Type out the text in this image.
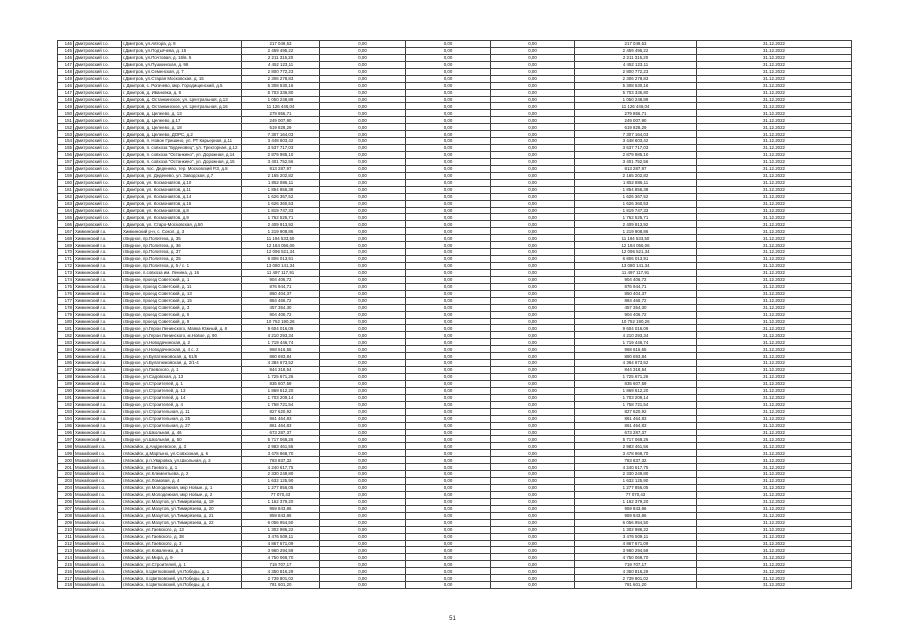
146	Дмитровский г.о.	г.Дмитров, ул.Автора, д. 8	217 049,53	0,00	0,00	0,00	217 049,53	31.12.2022
145	Дмитровский г.о.	г.Дмитров, ул.Подъячева, д. 15	2 459 495,22	0,00	0,00	0,00	2 459 495,22	31.12.2022
146	Дмитровский г.о.	г.Дмитров, ул.Почтовая, д. 18/в. 5	2 211 315,20	0,00	0,00	0,00	2 211 315,20	31.12.2022
147	Дмитровский г.о.	г.Дмитров, ул.Пушкинская, д. 98	4 452 123,11	0,00	0,00	0,00	4 452 123,11	31.12.2022
148	Дмитровский г.о.	г.Дмитров, ул.Семенская, д. 7	2 800 772,23	0,00	0,00	0,00	2 800 772,23	31.12.2022
149	Дмитровский г.о.	г.Дмитров, ул.Старая Московская, д. 15	2 306 278,83	0,00	0,00	0,00	2 306 278,83	31.12.2022
146	Дмитровский г.о.	г. Дмитров, с. Рогачево, мкр. Городищенский, д.5	5 308 530,16	0,00	0,00	0,00	5 308 530,16	31.12.2022
147	Дмитровский г.о.	г. Дмитров, д. Ивановка, д. 8	5 703 336,80	0,00	0,00	0,00	5 703 336,80	31.12.2022
148	Дмитровский г.о.	г. Дмитров, д. Останкинское, ул. Центральная, д.13	1 050 248,89	0,00	0,00	0,00	1 050 248,89	31.12.2022
149	Дмитровский г.о.	г. Дмитров, д. Останкинское, ул. Центральная, д.16	11 126 446,04	0,00	0,00	0,00	11 126 446,04	31.12.2022
150	Дмитровский г.о.	г. Дмитров, д. Целеево, д. 13	279 856,71	0,00	0,00	0,00	279 856,71	31.12.2022
151	Дмитровский г.о.	г. Дмитров, д. Целеево, д.17	249 007,90	0,00	0,00	0,00	249 007,90	31.12.2022
152	Дмитровский г.о.	г. Дмитров, д. Целеево, д. 18	619 828,29	0,00	0,00	0,00	619 828,29	31.12.2022
153	Дмитровский г.о.	г. Дмитров, д. Целеево, ДОРС, д.2	7 307 164,03	0,00	0,00	0,00	7 307 164,03	31.12.2022
154	Дмитровский г.о.	г. Дмитров, п. Новое Гришино, ул. РТ Карьерная, д.11	3 448 603,42	0,00	0,00	0,00	3 448 603,42	31.12.2022
155	Дмитровский г.о.	г. Дмитров, п. совхоза "Буденовец", ул. Трехгорная, д.12	3 537 717,03	0,00	0,00	0,00	3 537 717,03	31.12.2022
156	Дмитровский г.о.	г. Дмитров, п. совхоза "Останкино", ул. Дорожная, д.14	2 879 985,10	0,00	0,00	0,00	2 879 985,10	31.12.2022
157	Дмитровский г.о.	г. Дмитров, п. совхоза "Останкино", ул. Дорожная, д.15	3 401 752,56	0,00	0,00	0,00	3 401 752,56	31.12.2022
158	Дмитровский г.о.	г. Дмитров, пос. Деденево, тер. Московский Р.З, д.8	813 287,97	0,00	0,00	0,00	813 287,97	31.12.2022
159	Дмитровский г.о.	г. Дмитров, ул. Деденево, ул. Заводская, д.7	2 165 202,82	0,00	0,00	0,00	2 165 202,82	31.12.2022
160	Дмитровский г.о.	г. Дмитров, ул. Космонавтов, д.10	1 852 886,11	0,00	0,00	0,00	1 852 886,11	31.12.2022
161	Дмитровский г.о.	г. Дмитров, ул. Космонавтов, д.11	1 854 856,38	0,00	0,00	0,00	1 854 856,38	31.12.2022
162	Дмитровский г.о.	г. Дмитров, ул. Космонавтов, д.14	1 626 367,52	0,00	0,00	0,00	1 626 367,52	31.12.2022
163	Дмитровский г.о.	г. Дмитров, ул. Космонавтов, д.15	1 626 360,53	0,00	0,00	0,00	1 626 360,53	31.12.2022
164	Дмитровский г.о.	г. Дмитров, ул. Космонавтов, д.8	1 819 747,33	0,00	0,00	0,00	1 819 747,33	31.12.2022
165	Дмитровский г.о.	г. Дмитров, ул. Космонавтов, д.9	1 762 525,71	0,00	0,00	0,00	1 762 525,71	31.12.2022
166	Дмитровский г.о.	г. Дмитров, ул. Старо-Московская, д.50	2 409 913,92	0,00	0,00	0,00	2 409 913,92	31.12.2022
167	Химкинский г.о.	Химкинский р-н, с. Сокол, д. 3	1 219 908,86	0,00	0,00	0,00	1 219 908,86	31.12.2022
168	Химкинский г.о.	г.Видное, пр.Политеха, д. 35	11 194 533,50	0,00	0,00	0,00	11 194 533,50	31.12.2022
169	Химкинский г.о.	г.Видное, пр.Политеха, д. 36	12 184 056,06	0,00	0,00	0,00	12 184 056,06	31.12.2022
170	Химкинский г.о.	г.Видное, пр.Политеха, д. 37	12 096 521,34	0,00	0,00	0,00	12 096 521,34	31.12.2022
171	Химкинский г.о.	г.Видное, пр.Политеха, д. 25	6 806 013,91	0,00	0,00	0,00	6 806 013,91	31.12.2022
172	Химкинский г.о.	г.Видное, пр.Политеха, д. 5 / с. 1	13 080 141,34	0,00	0,00	0,00	13 080 141,34	31.12.2022
173	Химкинский г.о.	г.Видное, п.совхоза им. Ленина, д. 16	11 497 117,91	0,00	0,00	0,00	11 497 117,91	31.12.2022
174	Химкинский г.о.	г.Видное, проезд Советский, д. 1	904 406,72	0,00	0,00	0,00	904 406,72	31.12.2022
175	Химкинский г.о.	г.Видное, проезд Советский, д. 11	876 944,71	0,00	0,00	0,00	876 944,71	31.12.2022
176	Химкинский г.о.	г.Видное, проезд Советский, д. 13	850 404,37	0,00	0,00	0,00	850 404,37	31.12.2022
177	Химкинский г.о.	г.Видное, проезд Советский, д. 15	884 466,72	0,00	0,00	0,00	884 466,72	31.12.2022
178	Химкинский г.о.	г.Видное, проезд Советский, д. 3	457 354,30	0,00	0,00	0,00	457 354,30	31.12.2022
179	Химкинский г.о.	г.Видное, проезд Советский, д. 5	904 406,72	0,00	0,00	0,00	904 406,72	31.12.2022
180	Химкинский г.о.	г.Видное, проезд Советский, д. 9	10 752 190,26	0,00	0,00	0,00	10 752 190,26	31.12.2022
181	Химкинский г.о.	г.Видное, ул.Герои Ленинского, Маяка Южный, д. 8	9 604 016,09	0,00	0,00	0,00	9 604 016,09	31.12.2022
182	Химкинский г.о.	г.Видное, ул.Герои Ленинского, м.Новое, д. 90	4 210 293,34	0,00	0,00	0,00	4 210 293,34	31.12.2022
183	Химкинский г.о.	г.Видное, ул.Новодачинская, д. 2	1 719 446,74	0,00	0,00	0,00	1 719 446,74	31.12.2022
184	Химкинский г.о.	г.Видное, ул.Новодачинская, д. 4 с. 2	968 616,55	0,00	0,00	0,00	968 616,55	31.12.2022
185	Химкинский г.о.	г.Видное, ул.Булатниковская, д. 51/5	880 693,84	0,00	0,00	0,00	880 693,84	31.12.2022
186	Химкинский г.о.	г.Видное, ул.Булатниковская, д. 2/1-4	4 384 673,52	0,00	0,00	0,00	4 384 673,52	31.12.2022
187	Химкинский г.о.	г.Видное, ул.Гаевского, д. 1	844 318,54	0,00	0,00	0,00	844 318,54	31.12.2022
188	Химкинский г.о.	г.Видное, ул.Садовская, д. 13	1 725 671,26	0,00	0,00	0,00	1 725 671,26	31.12.2022
189	Химкинский г.о.	г.Видное, ул.Строителей, д. 1	835 607,59	0,00	0,00	0,00	835 607,59	31.12.2022
190	Химкинский г.о.	г.Видное, ул.Строителей, д. 13	1 869 612,20	0,00	0,00	0,00	1 869 612,20	31.12.2022
191	Химкинский г.о.	г.Видное, ул.Строителей, д. 14	1 703 209,14	0,00	0,00	0,00	1 703 209,14	31.12.2022
192	Химкинский г.о.	г.Видное, ул.Строителей, д. 4	1 758 721,54	0,00	0,00	0,00	1 758 721,54	31.12.2022
193	Химкинский г.о.	г.Видное, ул.Строительная, д. 11	827 620,92	0,00	0,00	0,00	827 620,92	31.12.2022
194	Химкинский г.о.	г.Видное, ул.Строительная, д. 25	861 464,83	0,00	0,00	0,00	861 464,83	31.12.2022
195	Химкинский г.о.	г.Видное, ул.Строительная, д. 27	861 464,83	0,00	0,00	0,00	861 464,83	31.12.2022
196	Химкинский г.о.	г.Видное, ул.Школьная, д. 46	673 287,37	0,00	0,00	0,00	673 287,37	31.12.2022
197	Химкинский г.о.	г.Видное, ул.Школьная, д. 50	5 717 068,26	0,00	0,00	0,00	5 717 068,26	31.12.2022
198	Можайский г.о.	г.Можайск, д.Андреевское, д. 3	2 983 461,56	0,00	0,00	0,00	2 983 461,56	31.12.2022
199	Можайский г.о.	г.Можайск, д.Мартыно, ул.Совхозная, д. 6	3 478 968,70	0,00	0,00	0,00	3 478 968,70	31.12.2022
200	Можайский г.о.	г.Можайск, р.п.Уваровка, ул.Школьная, д. 3	783 837,32	0,00	0,00	0,00	783 837,32	31.12.2022
201	Можайский г.о.	г.Можайск, ул.Гаевого, д. 1	4 240 617,75	0,00	0,00	0,00	4 240 617,75	31.12.2022
202	Можайский г.о.	г.Можайск, ул.Клементьева, д. 2	2 330 249,80	0,00	0,00	0,00	2 330 249,80	31.12.2022
203	Можайский г.о.	г.Можайск, ул.Ломовая, д. 4	1 632 125,90	0,00	0,00	0,00	1 632 125,90	31.12.2022
204	Можайский г.о.	г.Можайск, ул.Молодежная, мкр Новые, д. 1	1 277 856,05	0,00	0,00	0,00	1 277 856,05	31.12.2022
205	Можайский г.о.	г.Можайск, ул.Молодежная, мкр Новые, д. 2	77 070,43	0,00	0,00	0,00	77 070,43	31.12.2022
206	Можайский г.о.	г.Можайск, ул.Мазутов, ул.Тимирязева, д. 19	1 162 379,20	0,00	0,00	0,00	1 162 379,20	31.12.2022
207	Можайский г.о.	г.Можайск, ул.Мазутов, ул.Тимирязева, д. 20	959 843,86	0,00	0,00	0,00	959 843,86	31.12.2022
208	Можайский г.о.	г.Можайск, ул.Мазутов, ул.Тимирязева, д. 21	959 843,86	0,00	0,00	0,00	959 843,86	31.12.2022
209	Можайский г.о.	г.Можайск, ул.Мазутов, ул.Тимирязева, д. 22	6 056 954,50	0,00	0,00	0,00	6 056 954,50	31.12.2022
210	Можайский г.о.	г.Можайск, ул.Гаевского, д. 13	1 302 986,22	0,00	0,00	0,00	1 302 986,22	31.12.2022
211	Можайский г.о.	г.Можайск, ул.Гаевского, д. 38	3 476 509,11	0,00	0,00	0,00	3 476 509,11	31.12.2022
212	Можайский г.о.	г.Можайск, ул.Гаевского, д. 3	4 867 671,09	0,00	0,00	0,00	4 867 671,09	31.12.2022
213	Можайский г.о.	г.Можайск, ул.Коваленко, д. 3	3 960 294,59	0,00	0,00	0,00	3 960 294,59	31.12.2022
214	Можайский г.о.	г.Можайск, ул.Мира, д. 9	4 750 069,70	0,00	0,00	0,00	4 750 069,70	31.12.2022
215	Можайский г.о.	г.Можайск, ул.Строителей, д. 1	719 707,17	0,00	0,00	0,00	719 707,17	31.12.2022
216	Можайский г.о.	г.Можайск, п.Цветковский, ул.Победы, д. 1	4 350 816,29	0,00	0,00	0,00	4 350 816,29	31.12.2022
217	Можайский г.о.	г.Можайск, п.Цветковский, ул.Победы, д. 2	2 739 801,02	0,00	0,00	0,00	2 739 801,02	31.12.2022
218	Можайский г.о.	г.Можайск, п.Цветковский, ул.Победы, д. 4	781 601,20	0,00	0,00	0,00	781 601,20	31.12.2022
51
